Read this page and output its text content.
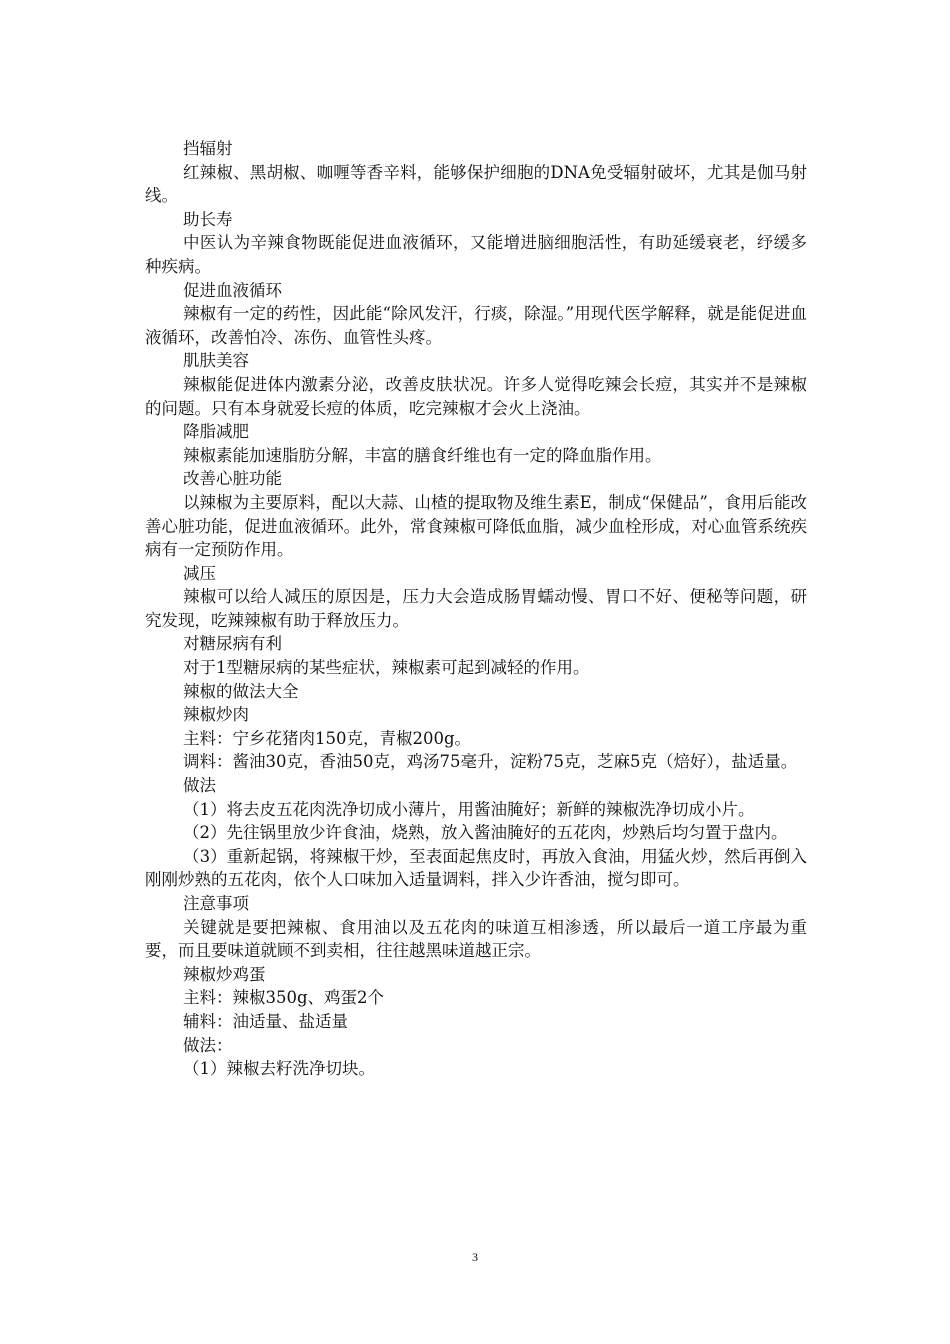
挡辐射

红辣椒、黑胡椒、咖喱等香辛料，能够保护细胞的DNA免受辐射破坏，尤其是伽马射线。

助长寿

中医认为辛辣食物既能促进血液循环，又能增进脑细胞活性，有助延缓衰老，纾缓多种疾病。

促进血液循环

辣椒有一定的药性，因此能“除风发汗，行痰，除湿。”用现代医学解释，就是能促进血液循环，改善怕冷、冻伤、血管性头疼。

肌肤美容

辣椒能促进体内激素分泌，改善皮肤状况。许多人觉得吃辣会长痘，其实并不是辣椒的问题。只有本身就爱长痘的体质，吃完辣椒才会火上浇油。

降脂减肥

辣椒素能加速脂肪分解，丰富的膳食纤维也有一定的降血脂作用。

改善心脏功能

以辣椒为主要原料，配以大蒜、山楂的提取物及维生素E，制成“保健品”，食用后能改善心脏功能，促进血液循环。此外，常食辣椒可降低血脂，减少血栓形成，对心血管系统疾病有一定预防作用。

减压

辣椒可以给人减压的原因是，压力大会造成肠胃蠕动慢、胃口不好、便秘等问题，研究发现，吃辣辣椒有助于释放压力。

对糖尿病有利

对于1型糖尿病的某些症状，辣椒素可起到减轻的作用。

辣椒的做法大全

辣椒炒肉

主料：宁乡花猪肉150克，青椒200g。

调料：酱油30克，香油50克，鸡汤75毫升，淀粉75克，芝麻5克（焙好），盐适量。

做法

（1）将去皮五花肉洗净切成小薄片，用酱油腌好；新鲜的辣椒洗净切成小片。

（2）先往锅里放少许食油，烧熟，放入酱油腌好的五花肉，炒熟后均匀置于盘内。

（3）重新起锅，将辣椒干炒，至表面起焦皮时，再放入食油，用猛火炒，然后再倒入刚刚炒熟的五花肉，依个人口味加入适量调料，拌入少许香油，搅匀即可。

注意事项

关键就是要把辣椒、食用油以及五花肉的味道互相渗透，所以最后一道工序最为重要，而且要味道就顾不到卖相，往往越黑味道越正宗。

辣椒炒鸡蛋

主料：辣椒350g、鸡蛋2个

辅料：油适量、盐适量

做法：

（1）辣椒去籽洗净切块。

3
